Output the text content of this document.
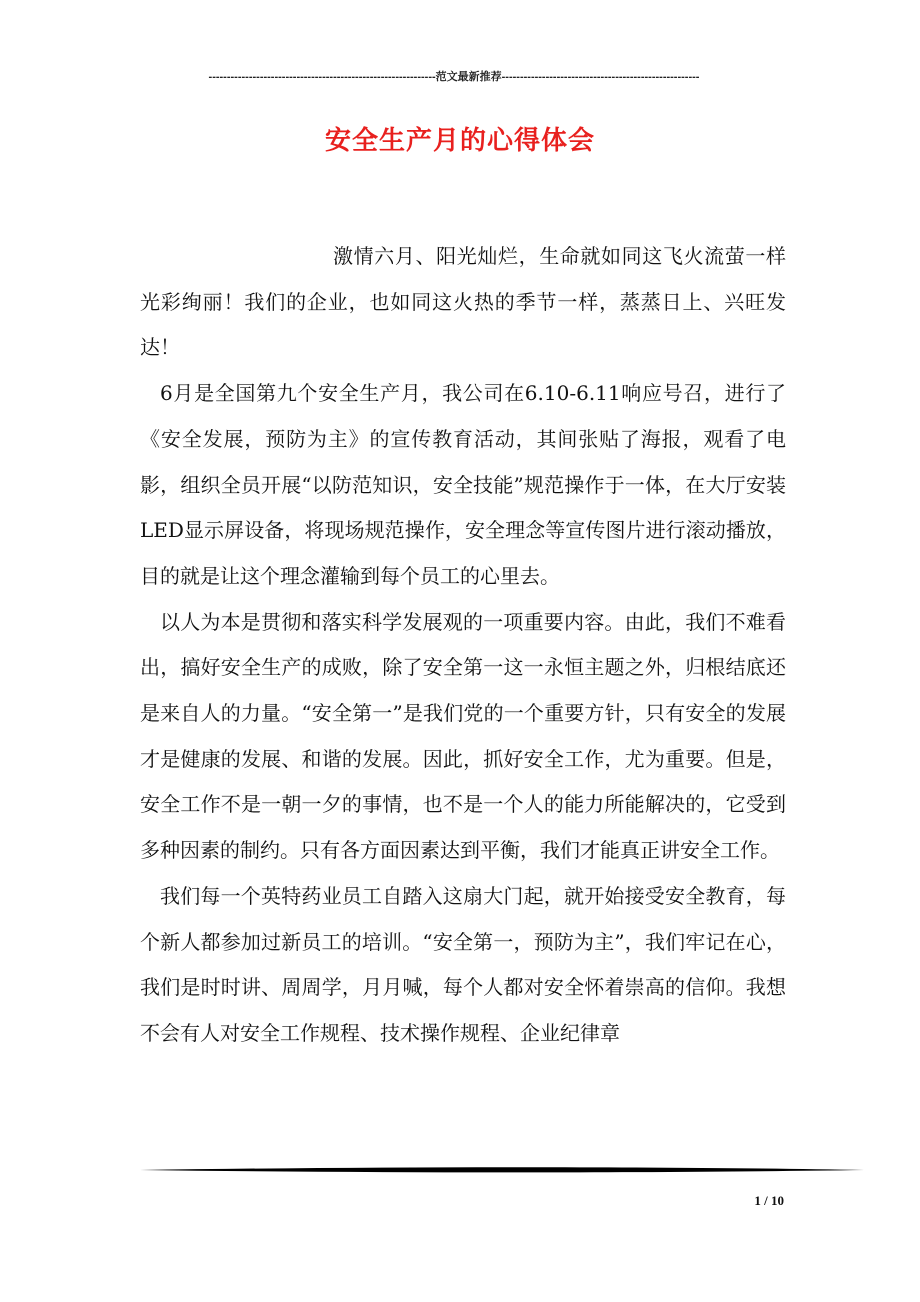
--------------------------------------------------------------范文最新推荐------------------------------------------------------
安全生产月的心得体会

激情六月、阳光灿烂，生命就如同这飞火流萤一样光彩绚丽！我们的企业，也如同这火热的季节一样，蒸蒸日上、兴旺发达！

6月是全国第九个安全生产月，我公司在6.10-6.11响应号召，进行了《安全发展，预防为主》的宣传教育活动，其间张贴了海报，观看了电影，组织全员开展“以防范知识，安全技能”规范操作于一体，在大厅安装LED显示屏设备，将现场规范操作，安全理念等宣传图片进行滚动播放，目的就是让这个理念灌输到每个员工的心里去。

以人为本是贯彻和落实科学发展观的一项重要内容。由此，我们不难看出，搞好安全生产的成败，除了安全第一这一永恒主题之外，归根结底还是来自人的力量。“安全第一”是我们党的一个重要方针，只有安全的发展才是健康的发展、和谐的发展。因此，抓好安全工作，尤为重要。但是，安全工作不是一朝一夕的事情，也不是一个人的能力所能解决的，它受到多种因素的制约。只有各方面因素达到平衡，我们才能真正讲安全工作。

我们每一个英特药业员工自踏入这扇大门起，就开始接受安全教育，每个新人都参加过新员工的培训。“安全第一，预防为主”，我们牢记在心，我们是时时讲、周周学，月月喊，每个人都对安全怀着崇高的信仰。我想不会有人对安全工作规程、技术操作规程、企业纪律章

1 / 10
